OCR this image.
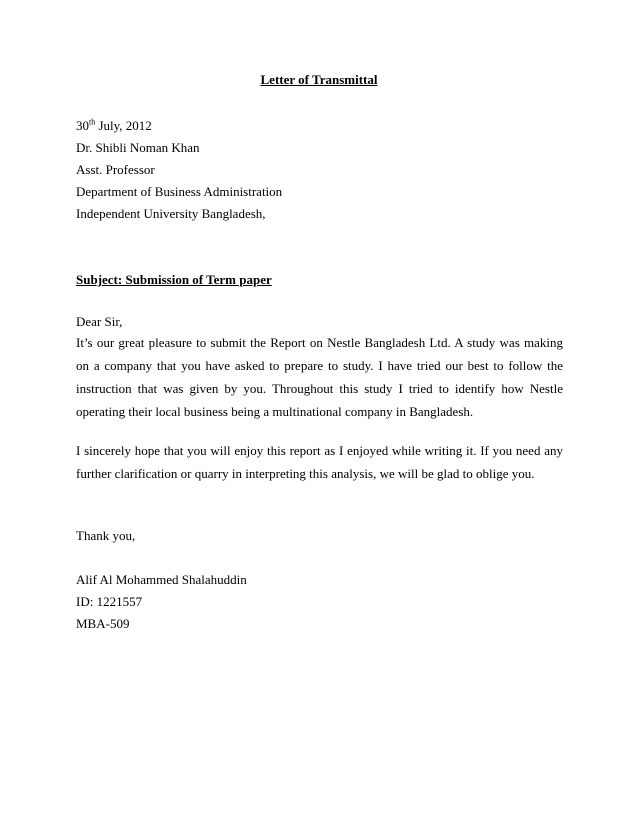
Letter of Transmittal
30th July, 2012
Dr. Shibli Noman Khan
Asst. Professor
Department of Business Administration
Independent University Bangladesh,
Subject: Submission of Term paper
Dear Sir,
It’s our great pleasure to submit the Report on Nestle Bangladesh Ltd. A study was making on a company that you have asked to prepare to study. I have tried our best to follow the instruction that was given by you. Throughout this study I tried to identify how Nestle operating their local business being a multinational company in Bangladesh.
I sincerely hope that you will enjoy this report as I enjoyed while writing it. If you need any further clarification or quarry in interpreting this analysis, we will be glad to oblige you.
Thank you,
Alif Al Mohammed Shalahuddin
ID: 1221557
MBA-509
